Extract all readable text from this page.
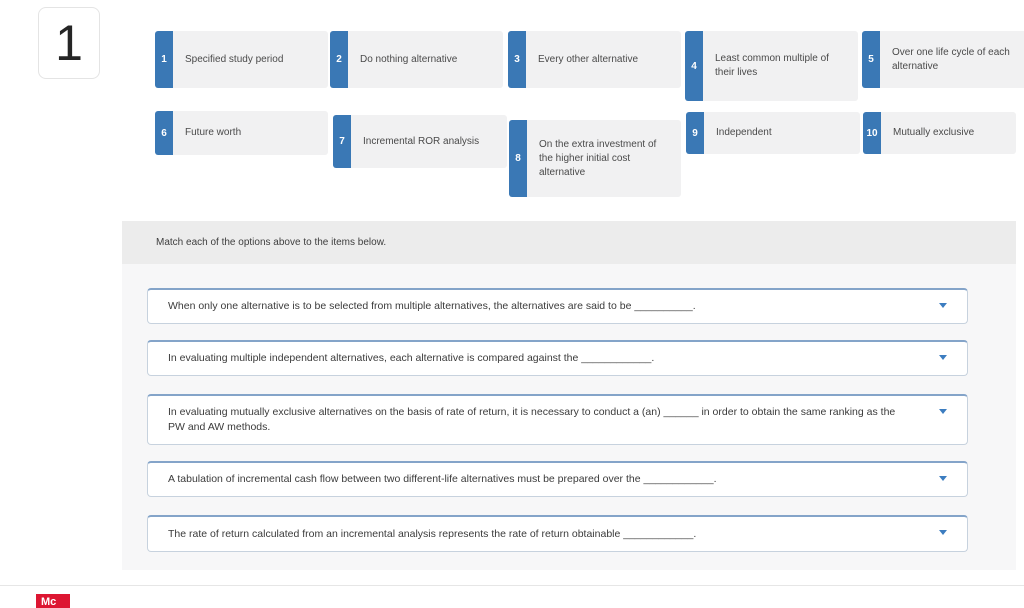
1	1	Specified study period	2	Do nothing alternative	3	Every other alternative
4
Least common multiple of their lives
5
Over one life cycle of each alternative
6	Future worth
7	Incremental ROR analysis
8
On the extra investment of the higher initial cost alternative
9	Independent	10	Mutually exclusive
Match each of the options above to the items below.
When only one alternative is to be selected from multiple alternatives, the alternatives are said to be __________.
In evaluating multiple independent alternatives, each alternative is compared against the ____________.
In evaluating mutually exclusive alternatives on the basis of rate of return, it is necessary to conduct a (an) ______ in order to obtain the same ranking as the PW and AW methods.
A tabulation of incremental cash flow between two different-life alternatives must be prepared over the ____________.
The rate of return calculated from an incremental analysis represents the rate of return obtainable ____________.
Mc
